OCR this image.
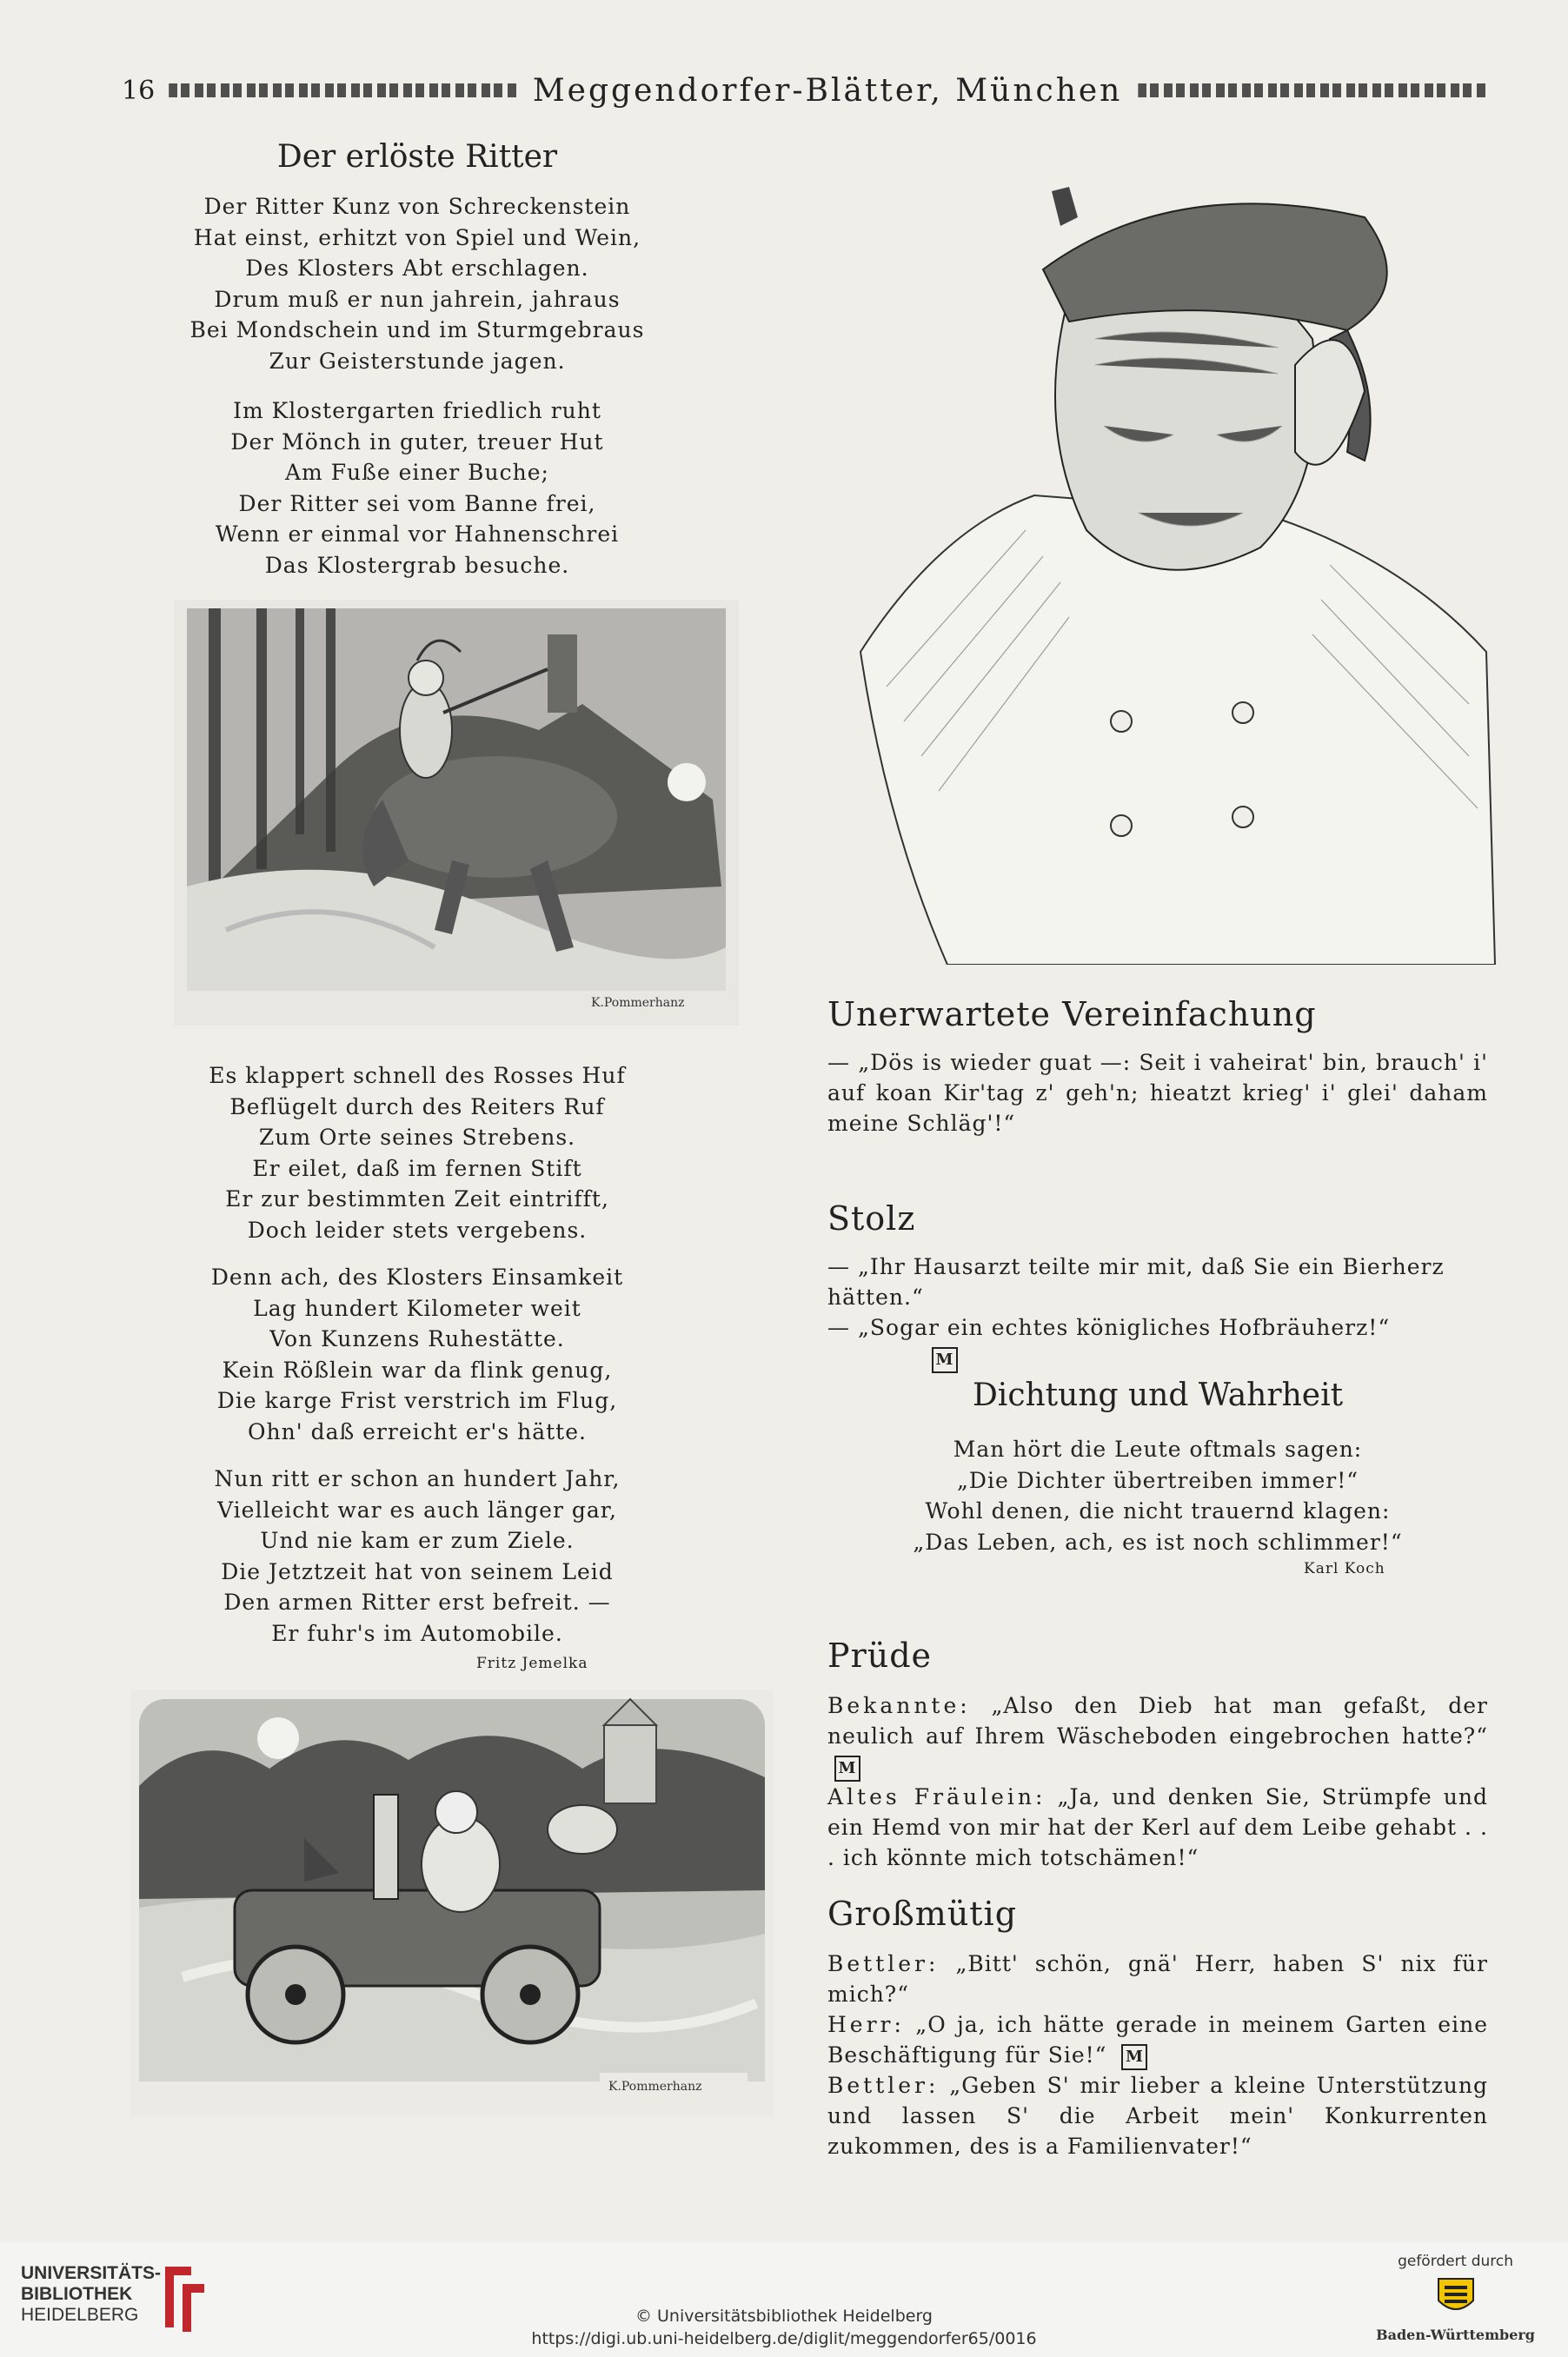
16	Meggendorfer-Blätter, München
Der erlöste Ritter
Der Ritter Kunz von Schreckenstein
Hat einst, erhitzt von Spiel und Wein,
Des Klosters Abt erschlagen.
Drum muß er nun jahrein, jahraus
Bei Mondschein und im Sturmgebraus
Zur Geisterstunde jagen.
Im Klostergarten friedlich ruht
Der Mönch in guter, treuer Hut
Am Fuße einer Buche;
Der Ritter sei vom Banne frei,
Wenn er einmal vor Hahnenschrei
Das Klostergrab besuche.
K.Pommerhanz
Es klappert schnell des Rosses Huf
Beflügelt durch des Reiters Ruf
Zum Orte seines Strebens.
Er eilet, daß im fernen Stift
Er zur bestimmten Zeit eintrifft,
Doch leider stets vergebens.
Denn ach, des Klosters Einsamkeit
Lag hundert Kilometer weit
Von Kunzens Ruhestätte.
Kein Rößlein war da flink genug,
Die karge Frist verstrich im Flug,
Ohn' daß erreicht er's hätte.
Nun ritt er schon an hundert Jahr,
Vielleicht war es auch länger gar,
Und nie kam er zum Ziele.
Die Jetztzeit hat von seinem Leid
Den armen Ritter erst befreit. —
Er fuhr's im Automobile.
Fritz Jemelka
K.Pommerhanz
Unerwartete Vereinfachung
— „Dös is wieder guat —: Seit i vaheirat' bin, brauch' i' auf koan Kir'tag z' geh'n; hieatzt krieg' i' glei' daham meine Schläg'!“
Stolz
— „Ihr Hausarzt teilte mir mit, daß Sie ein Bierherz hätten.“
— „Sogar ein echtes königliches Hofbräuherz!“M
Dichtung und Wahrheit
Man hört die Leute oftmals sagen:
„Die Dichter übertreiben immer!“
Wohl denen, die nicht trauernd klagen:
„Das Leben, ach, es ist noch schlimmer!“
Karl Koch
Prüde
Bekannte: „Also den Dieb hat man gefaßt, der neulich auf Ihrem Wäscheboden eingebrochen hatte?“ M
Altes Fräulein: „Ja, und denken Sie, Strümpfe und ein Hemd von mir hat der Kerl auf dem Leibe gehabt . . . ich könnte mich totschämen!“
Großmütig
Bettler: „Bitt' schön, gnä' Herr, haben S' nix für mich?“
Herr: „O ja, ich hätte gerade in meinem Garten eine Beschäftigung für Sie!“ M
Bettler: „Geben S' mir lieber a kleine Unterstützung und lassen S' die Arbeit mein' Konkurrenten zukommen, des is a Familienvater!“
UNIVERSITÄTS-
BIBLIOTHEK
HEIDELBERG	© Universitätsbibliothek Heidelberg
https://digi.ub.uni-heidelberg.de/diglit/meggendorfer65/0016
gefördert durch
Baden-Württemberg
